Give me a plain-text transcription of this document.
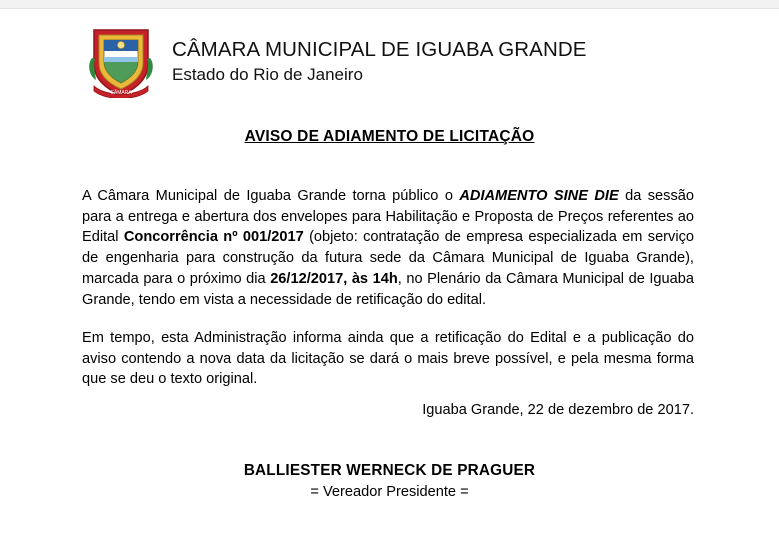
CÂMARA
CÂMARA MUNICIPAL DE IGUABA GRANDE
Estado do Rio de Janeiro
AVISO DE ADIAMENTO DE LICITAÇÃO
A Câmara Municipal de Iguaba Grande torna público o ADIAMENTO SINE DIE da sessão para a entrega e abertura dos envelopes para Habilitação e Proposta de Preços referentes ao Edital Concorrência nº 001/2017 (objeto: contratação de empresa especializada em serviço de engenharia para construção da futura sede da Câmara Municipal de Iguaba Grande), marcada para o próximo dia 26/12/2017, às 14h, no Plenário da Câmara Municipal de Iguaba Grande, tendo em vista a necessidade de retificação do edital.
Em tempo, esta Administração informa ainda que a retificação do Edital e a publicação do aviso contendo a nova data da licitação se dará o mais breve possível, e pela mesma forma que se deu o texto original.
Iguaba Grande, 22 de dezembro de 2017.
BALLIESTER WERNECK DE PRAGUER
= Vereador Presidente =
